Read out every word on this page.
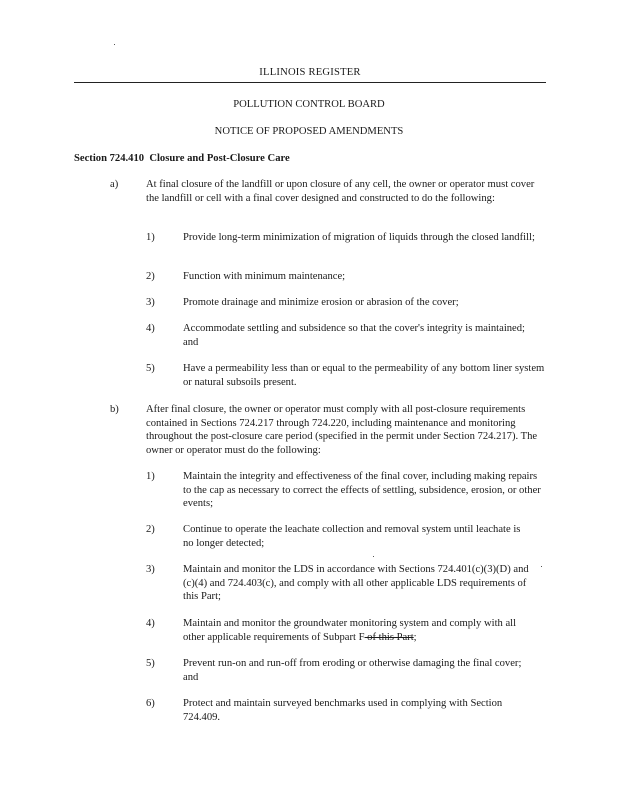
ILLINOIS REGISTER
POLLUTION CONTROL BOARD
NOTICE OF PROPOSED AMENDMENTS
Section 724.410  Closure and Post-Closure Care
a)	At final closure of the landfill or upon closure of any cell, the owner or operator must cover the landfill or cell with a final cover designed and constructed to do the following:
1)	Provide long-term minimization of migration of liquids through the closed landfill;
2)	Function with minimum maintenance;
3)	Promote drainage and minimize erosion or abrasion of the cover;
4)	Accommodate settling and subsidence so that the cover's integrity is maintained; and
5)	Have a permeability less than or equal to the permeability of any bottom liner system or natural subsoils present.
b)	After final closure, the owner or operator must comply with all post-closure requirements contained in Sections 724.217 through 724.220, including maintenance and monitoring throughout the post-closure care period (specified in the permit under Section 724.217). The owner or operator must do the following:
1)	Maintain the integrity and effectiveness of the final cover, including making repairs to the cap as necessary to correct the effects of settling, subsidence, erosion, or other events;
2)	Continue to operate the leachate collection and removal system until leachate is no longer detected;
3)	Maintain and monitor the LDS in accordance with Sections 724.401(c)(3)(D) and (c)(4) and 724.403(c), and comply with all other applicable LDS requirements of this Part;
4)	Maintain and monitor the groundwater monitoring system and comply with all other applicable requirements of Subpart F of this Part;
5)	Prevent run-on and run-off from eroding or otherwise damaging the final cover; and
6)	Protect and maintain surveyed benchmarks used in complying with Section 724.409.
